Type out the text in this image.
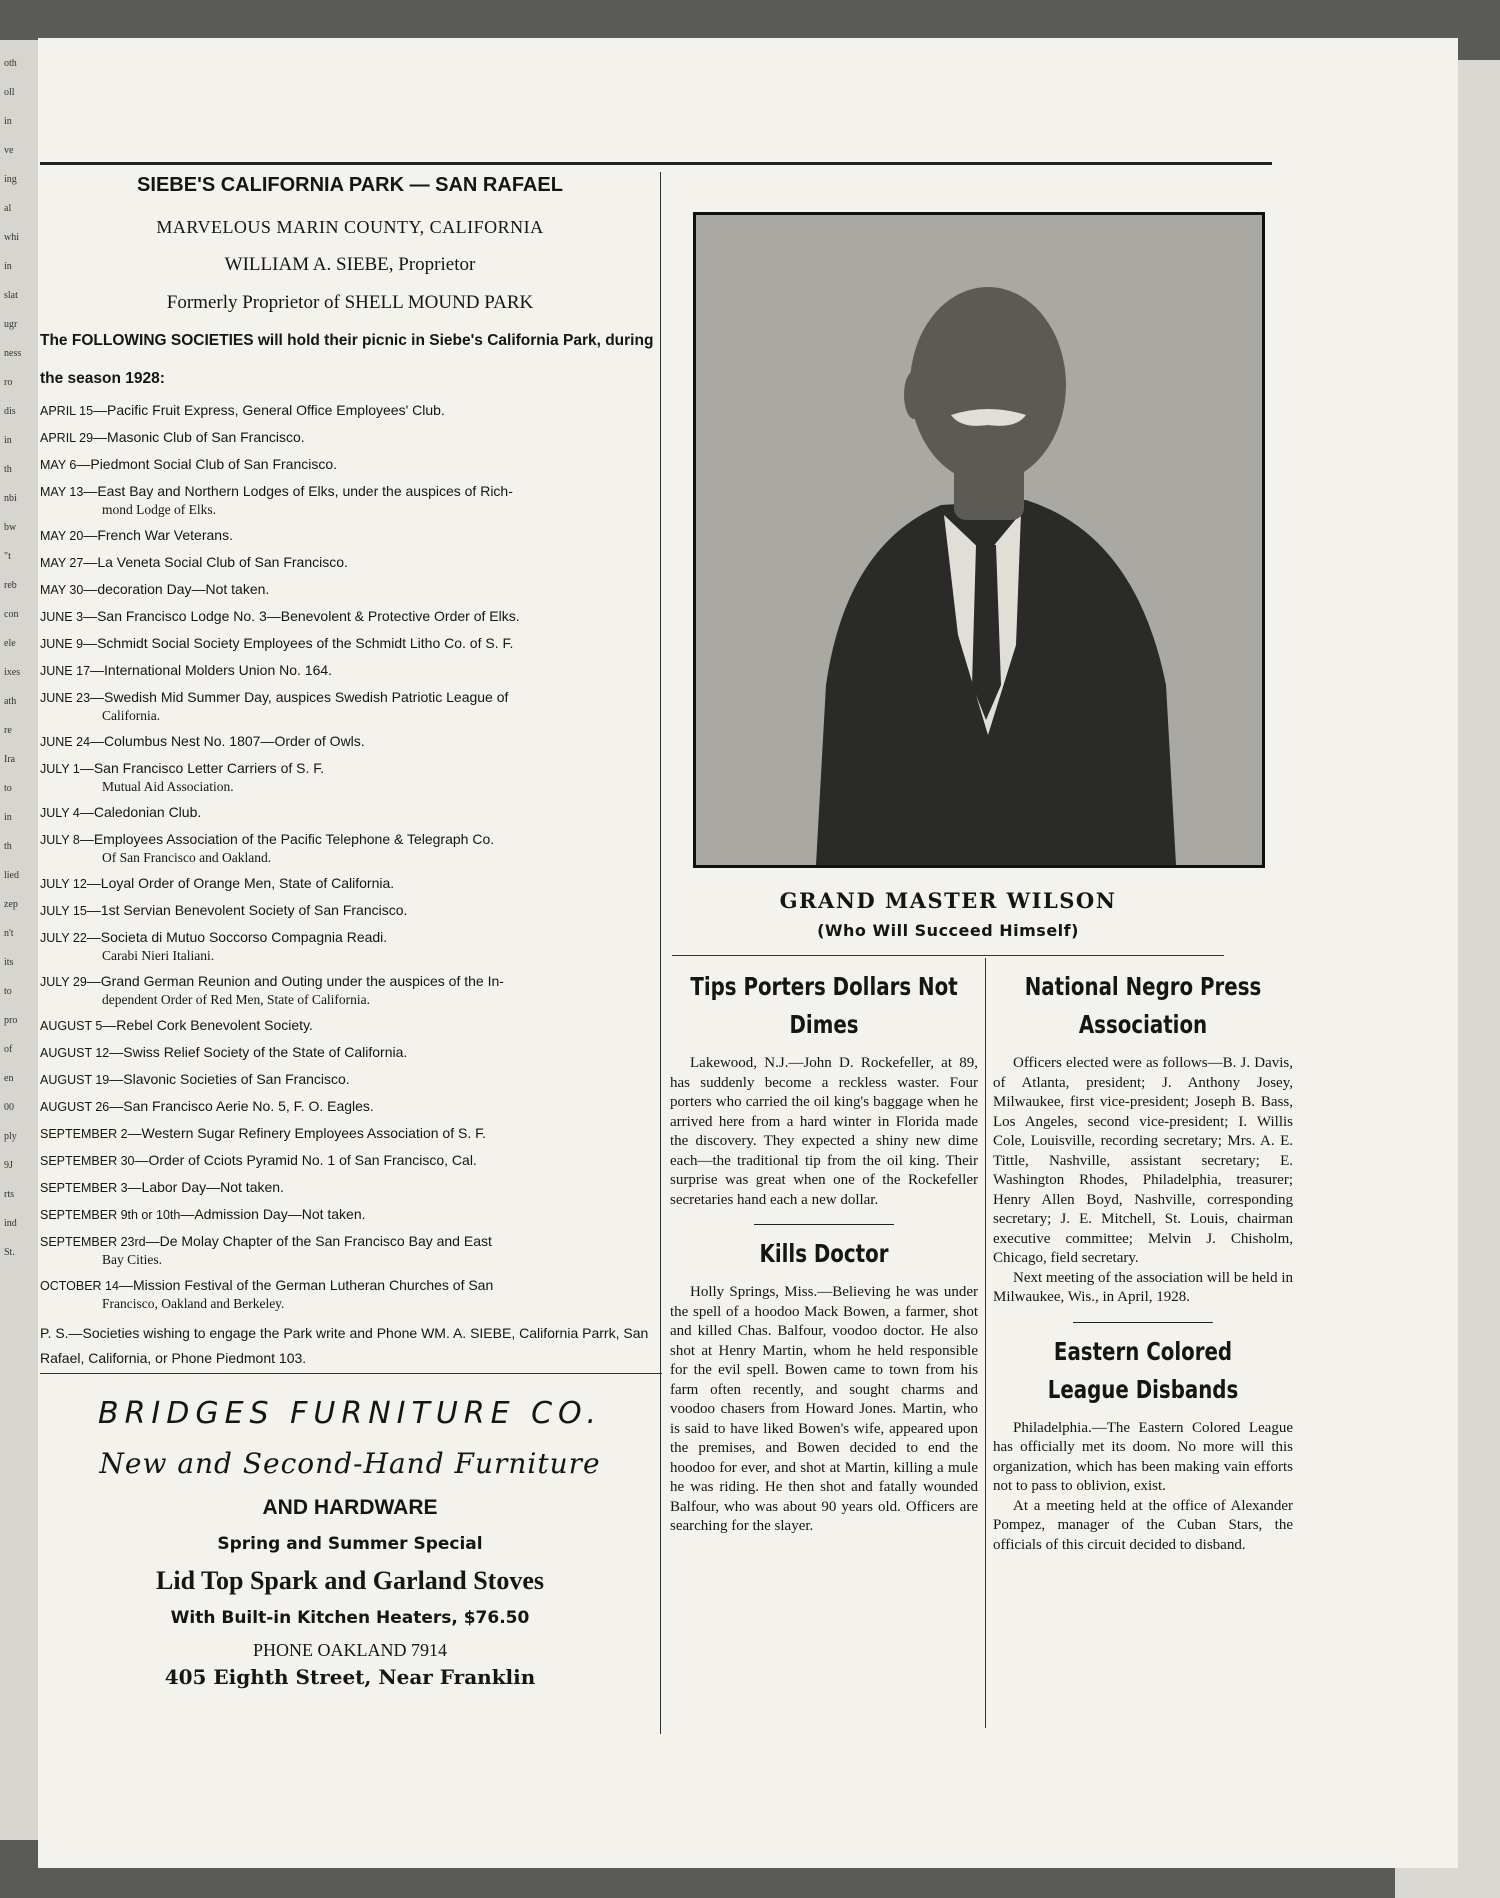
oth
oll
in
ve
ing
al
whi
in
slat
ugr
ness
ro
dis
in
th
nbi
bw
"t
reb
con
ele
ixes
ath
re
Ira
to
in
th
lied
zep
n't
its
to
pro
of
en
00
ply
9J
rts
ind
St.

SIEBE'S CALIFORNIA PARK — SAN RAFAEL

MARVELOUS MARIN COUNTY, CALIFORNIA

WILLIAM A. SIEBE, Proprietor

Formerly Proprietor of SHELL MOUND PARK

The FOLLOWING SOCIETIES will hold their picnic in Siebe's California Park, during the season 1928:

APRIL 15—Pacific Fruit Express, General Office Employees' Club.
APRIL 29—Masonic Club of San Francisco.
MAY 6—Piedmont Social Club of San Francisco.
MAY 13—East Bay and Northern Lodges of Elks, under the auspices of Rich-
mond Lodge of Elks.
MAY 20—French War Veterans.
MAY 27—La Veneta Social Club of San Francisco.
MAY 30—decoration Day—Not taken.
JUNE 3—San Francisco Lodge No. 3—Benevolent & Protective Order of Elks.
JUNE 9—Schmidt Social Society Employees of the Schmidt Litho Co. of S. F.
JUNE 17—International Molders Union No. 164.
JUNE 23—Swedish Mid Summer Day, auspices Swedish Patriotic League of
California.
JUNE 24—Columbus Nest No. 1807—Order of Owls.
JULY 1—San Francisco Letter Carriers of S. F.
Mutual Aid Association.
JULY 4—Caledonian Club.
JULY 8—Employees Association of the Pacific Telephone & Telegraph Co.
Of San Francisco and Oakland.
JULY 12—Loyal Order of Orange Men, State of California.
JULY 15—1st Servian Benevolent Society of San Francisco.
JULY 22—Societa di Mutuo Soccorso Compagnia Readi.
Carabi Nieri Italiani.
JULY 29—Grand German Reunion and Outing under the auspices of the In-
dependent Order of Red Men, State of California.
AUGUST 5—Rebel Cork Benevolent Society.
AUGUST 12—Swiss Relief Society of the State of California.
AUGUST 19—Slavonic Societies of San Francisco.
AUGUST 26—San Francisco Aerie No. 5, F. O. Eagles.
SEPTEMBER 2—Western Sugar Refinery Employees Association of S. F.
SEPTEMBER 30—Order of Cciots Pyramid No. 1 of San Francisco, Cal.
SEPTEMBER 3—Labor Day—Not taken.
SEPTEMBER 9th or 10th—Admission Day—Not taken.
SEPTEMBER 23rd—De Molay Chapter of the San Francisco Bay and East
Bay Cities.
OCTOBER 14—Mission Festival of the German Lutheran Churches of San
Francisco, Oakland and Berkeley.

P. S.—Societies wishing to engage the Park write and Phone WM. A. SIEBE, California Parrk, San Rafael, California, or Phone Piedmont 103.

BRIDGES FURNITURE CO.

New and Second-Hand Furniture

AND HARDWARE

Spring and Summer Special

Lid Top Spark and Garland Stoves

With Built-in Kitchen Heaters, $76.50

PHONE OAKLAND 7914

405 Eighth Street, Near Franklin

GRAND MASTER WILSON

(Who Will Succeed Himself)

Tips Porters Dollars Not Dimes

Lakewood, N.J.—John D. Rockefeller, at 89, has suddenly become a reckless waster. Four porters who carried the oil king's baggage when he arrived here from a hard winter in Florida made the discovery. They expected a shiny new dime each—the traditional tip from the oil king. Their surprise was great when one of the Rockefeller secretaries hand each a new dollar.

Kills Doctor

Holly Springs, Miss.—Believing he was under the spell of a hoodoo Mack Bowen, a farmer, shot and killed Chas. Balfour, voodoo doctor. He also shot at Henry Martin, whom he held responsible for the evil spell. Bowen came to town from his farm often recently, and sought charms and voodoo chasers from Howard Jones. Martin, who is said to have liked Bowen's wife, appeared upon the premises, and Bowen decided to end the hoodoo for ever, and shot at Martin, killing a mule he was riding. He then shot and fatally wounded Balfour, who was about 90 years old. Officers are searching for the slayer.

National Negro Press Association

Officers elected were as follows—B. J. Davis, of Atlanta, president; J. Anthony Josey, Milwaukee, first vice-president; Joseph B. Bass, Los Angeles, second vice-president; I. Willis Cole, Louisville, recording secretary; Mrs. A. E. Tittle, Nashville, assistant secretary; E. Washington Rhodes, Philadelphia, treasurer; Henry Allen Boyd, Nashville, corresponding secretary; J. E. Mitchell, St. Louis, chairman executive committee; Melvin J. Chisholm, Chicago, field secretary.

Next meeting of the association will be held in Milwaukee, Wis., in April, 1928.

Eastern Colored League Disbands

Philadelphia.—The Eastern Colored League has officially met its doom. No more will this organization, which has been making vain efforts not to pass to oblivion, exist.

At a meeting held at the office of Alexander Pompez, manager of the Cuban Stars, the officials of this circuit decided to disband.
